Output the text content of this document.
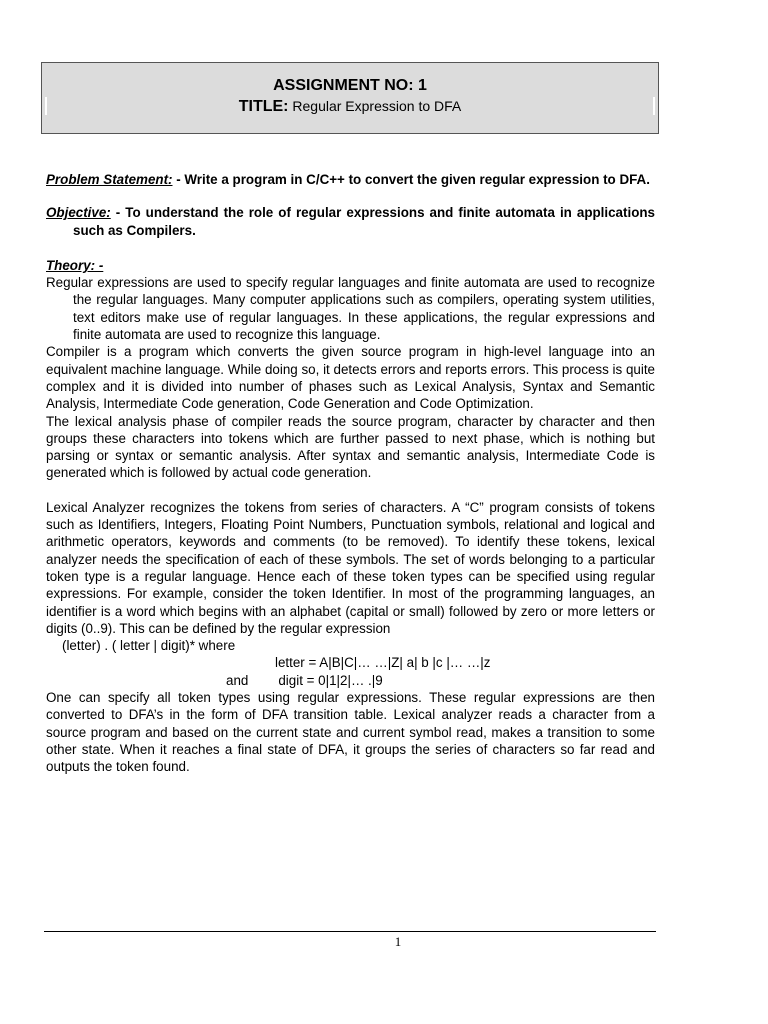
ASSIGNMENT NO: 1
TITLE: Regular Expression to DFA

Problem Statement: - Write a program in C/C++ to convert the given regular expression to DFA.

Objective: - To understand the role of regular expressions and finite automata in applications such as Compilers.

Theory: -

Regular expressions are used to specify regular languages and finite automata are used to recognize the regular languages. Many computer applications such as compilers, operating system utilities, text editors make use of regular languages. In these applications, the regular expressions and finite automata are used to recognize this language.

Compiler is a program which converts the given source program in high-level language into an equivalent machine language. While doing so, it detects errors and reports errors. This process is quite complex and it is divided into number of phases such as Lexical Analysis, Syntax and Semantic Analysis, Intermediate Code generation, Code Generation and Code Optimization.

The lexical analysis phase of compiler reads the source program, character by character and then groups these characters into tokens which are further passed to next phase, which is nothing but parsing or syntax or semantic analysis. After syntax and semantic analysis, Intermediate Code is generated which is followed by actual code generation.

Lexical Analyzer recognizes the tokens from series of characters. A “C” program consists of tokens such as Identifiers, Integers, Floating Point Numbers, Punctuation symbols, relational and logical and arithmetic operators, keywords and comments (to be removed). To identify these tokens, lexical analyzer needs the specification of each of these symbols. The set of words belonging to a particular token type is a regular language. Hence each of these token types can be specified using regular expressions. For example, consider the token Identifier. In most of the programming languages, an identifier is a word which begins with an alphabet (capital or small) followed by zero or more letters or digits (0..9). This can be defined by the regular expression

(letter) . ( letter | digit)* where

letter = A|B|C|… …|Z| a| b |c |… …|z

and digit = 0|1|2|… .|9

One can specify all token types using regular expressions. These regular expressions are then converted to DFA’s in the form of DFA transition table. Lexical analyzer reads a character from a source program and based on the current state and current symbol read, makes a transition to some other state. When it reaches a final state of DFA, it groups the series of characters so far read and outputs the token found.

1
